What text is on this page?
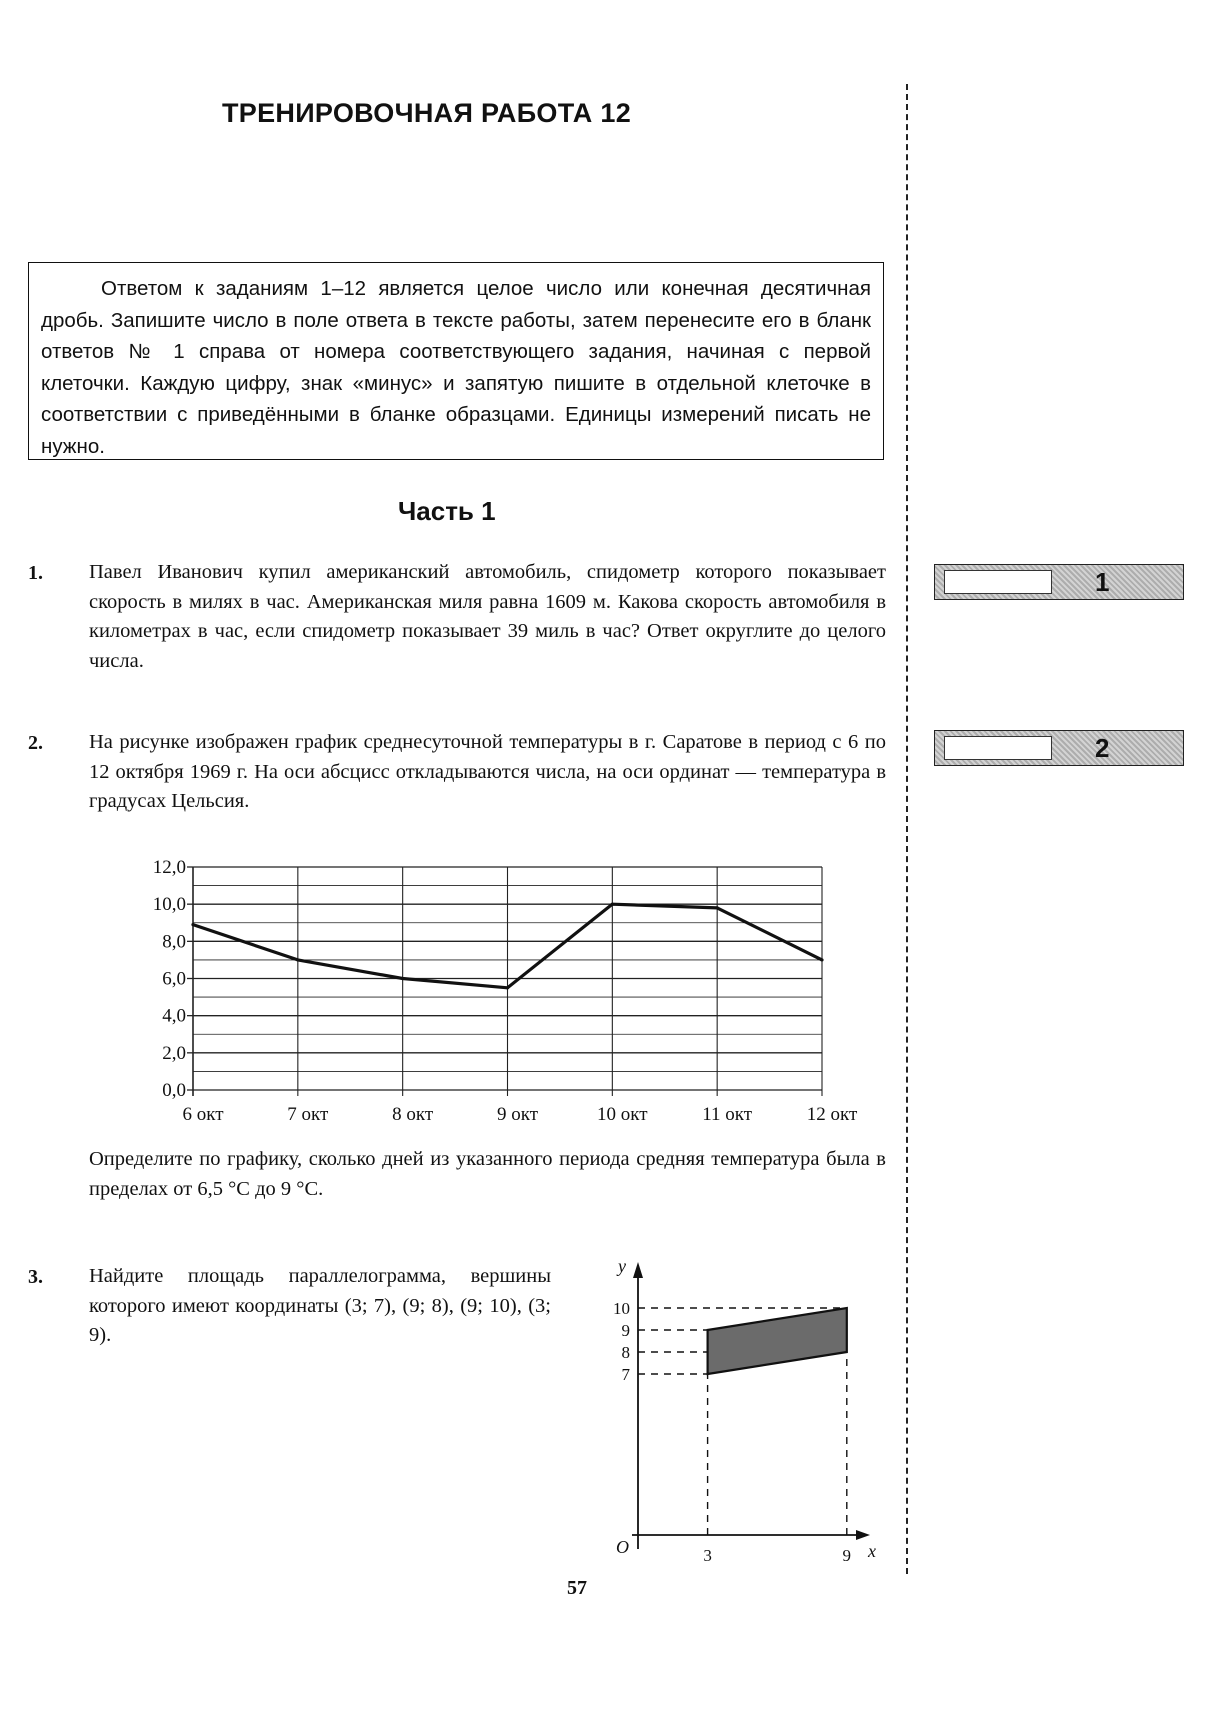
ТРЕНИРОВОЧНАЯ РАБОТА 12
Ответом к заданиям 1–12 является целое число или конечная десятичная дробь. Запишите число в поле ответа в тексте работы, затем перенесите его в бланк ответов № 1 справа от номера соответствующего задания, начиная с первой клеточки. Каждую цифру, знак «минус» и запятую пишите в отдельной клеточке в соответствии с приведёнными в бланке образцами. Единицы измерений писать не нужно.
Часть 1
1. Павел Иванович купил американский автомобиль, спидометр которого показывает скорость в милях в час. Американская миля равна 1609 м. Какова скорость автомобиля в километрах в час, если спидометр показывает 39 миль в час? Ответ округлите до целого числа.
1
2. На рисунке изображен график среднесуточной температуры в г. Саратове в период с 6 по 12 октября 1969 г. На оси абсцисс откладываются числа, на оси ординат — температура в градусах Цельсия.
2
0,0
2,0
4,0
6,0
8,0
10,0
12,0
6 окт	7 окт	8 окт	9 окт	10 окт	11 окт	12 окт
Определите по графику, сколько дней из указанного периода средняя температура была в пределах от 6,5 °С до 9 °С.
3. Найдите площадь параллелограмма, вершины которого имеют координаты (3; 7), (9; 8), (9; 10), (3; 9).
7
8
9
10
3	9 x
y
O
57
